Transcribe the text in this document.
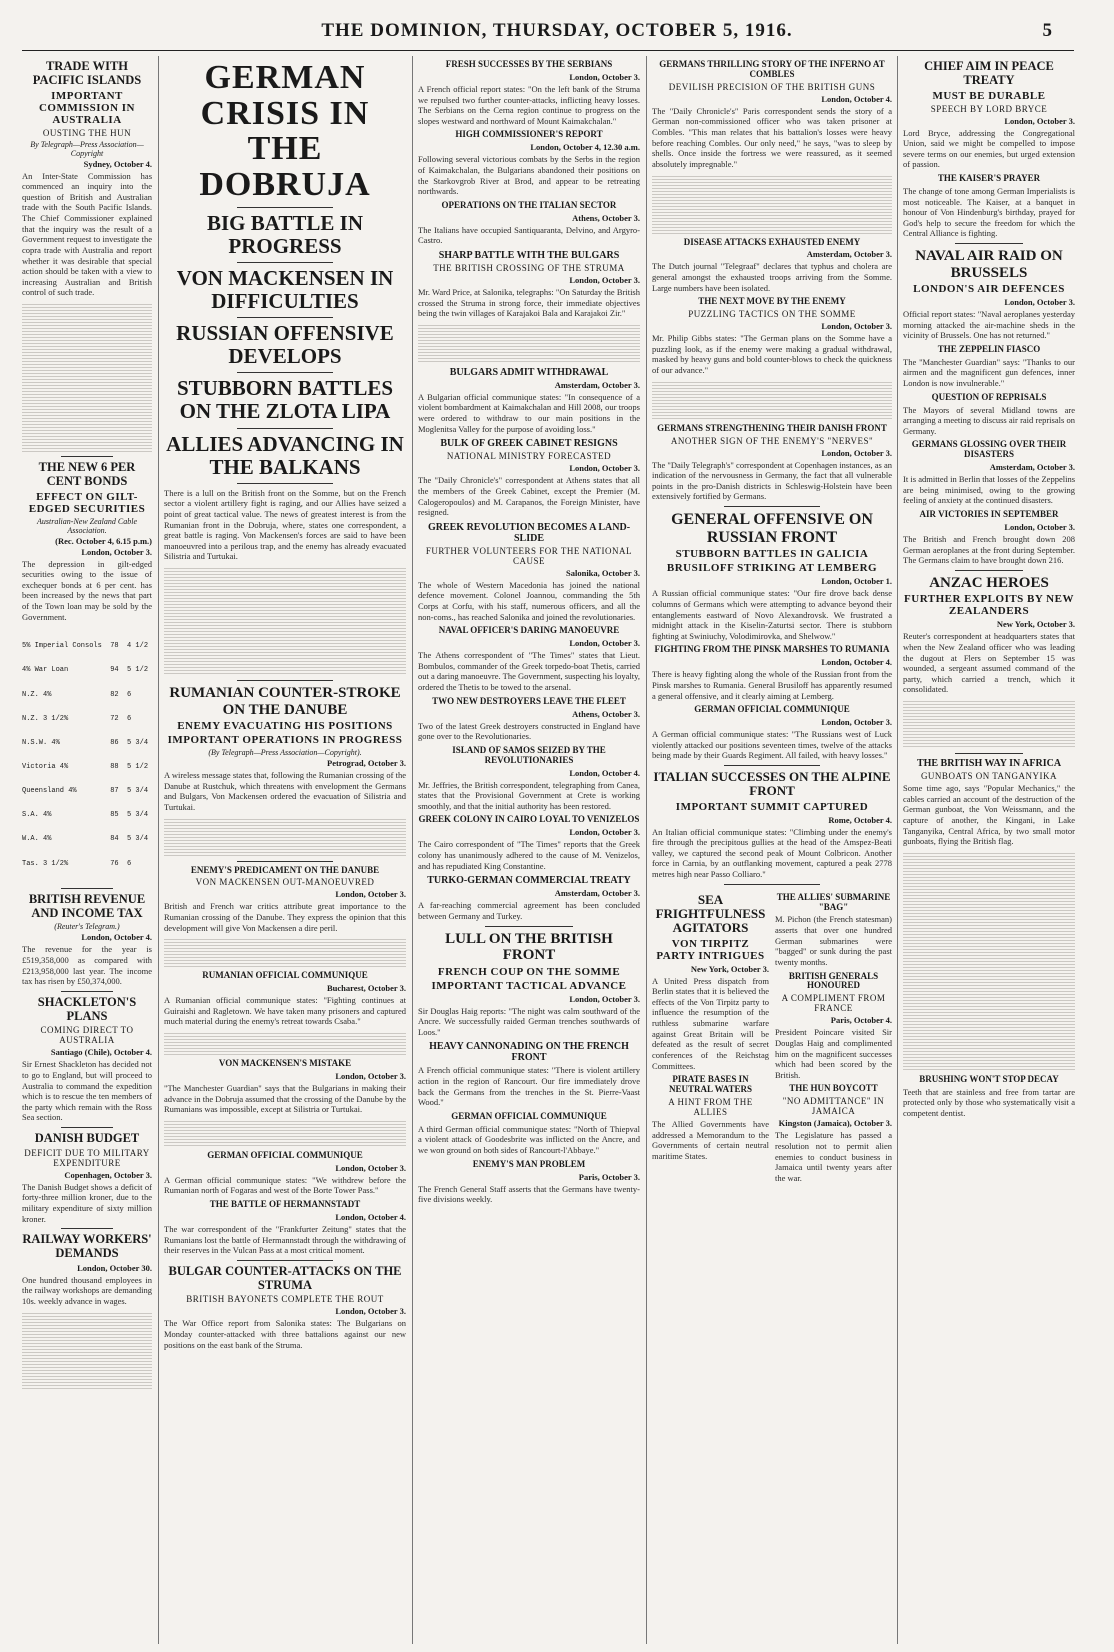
THE DOMINION, THURSDAY, OCTOBER 5, 1916.	5
TRADE WITH PACIFIC ISLANDS
IMPORTANT COMMISSION IN AUSTRALIA
OUSTING THE HUN
By Telegraph—Press Association—Copyright
Sydney, October 4.
An Inter-State Commission has commenced an inquiry into the question of British and Australian trade with the South Pacific Islands. The Chief Commissioner explained that the inquiry was the result of a Government request to investigate the copra trade with Australia and report whether it was desirable that special action should be taken with a view to increasing Australian and British control of such trade.
THE NEW 6 PER CENT BONDS
EFFECT ON GILT-EDGED SECURITIES
Australian-New Zealand Cable Association.
(Rec. October 4, 6.15 p.m.)
London, October 3.
The depression in gilt-edged securities owing to the issue of exchequer bonds at 6 per cent. has been increased by the news that part of the Town loan may be sold by the Government.

5% Imperial Consols  78  4 1/2

4% War Loan          94  5 1/2

N.Z. 4%              82  6

N.Z. 3 1/2%          72  6

N.S.W. 4%            86  5 3/4

Victoria 4%          88  5 1/2

Queensland 4%        87  5 3/4

S.A. 4%              85  5 3/4

W.A. 4%              84  5 3/4

Tas. 3 1/2%          76  6

BRITISH REVENUE AND INCOME TAX
(Reuter's Telegram.)
London, October 4.
The revenue for the year is £519,358,000 as compared with £213,958,000 last year. The income tax has risen by £50,374,000.
SHACKLETON'S PLANS
COMING DIRECT TO AUSTRALIA
Santiago (Chile), October 4.
Sir Ernest Shackleton has decided not to go to England, but will proceed to Australia to command the expedition which is to rescue the ten members of the party which remain with the Ross Sea section.
DANISH BUDGET
DEFICIT DUE TO MILITARY EXPENDITURE
Copenhagen, October 3.
The Danish Budget shows a deficit of forty-three million kroner, due to the military expenditure of sixty million kroner.
RAILWAY WORKERS' DEMANDS
London, October 30.
One hundred thousand employees in the railway workshops are demanding 10s. weekly advance in wages.
GERMAN CRISIS IN THE DOBRUJA
BIG BATTLE IN PROGRESS
VON MACKENSEN IN DIFFICULTIES
RUSSIAN OFFENSIVE DEVELOPS
STUBBORN BATTLES ON THE ZLOTA LIPA
ALLIES ADVANCING IN THE BALKANS
There is a lull on the British front on the Somme, but on the French sector a violent artillery fight is raging, and our Allies have seized a point of great tactical value. The news of greatest interest is from the Rumanian front in the Dobruja, where, states one correspondent, a great battle is raging. Von Mackensen's forces are said to have been manoeuvred into a perilous trap, and the enemy has already evacuated Silistria and Turtukai.
RUMANIAN COUNTER-STROKE ON THE DANUBE
ENEMY EVACUATING HIS POSITIONS
IMPORTANT OPERATIONS IN PROGRESS
(By Telegraph—Press Association—Copyright).
Petrograd, October 3.
A wireless message states that, following the Rumanian crossing of the Danube at Rustchuk, which threatens with envelopment the Germans and Bulgars, Von Mackensen ordered the evacuation of Silistria and Turtukai.
ENEMY'S PREDICAMENT ON THE DANUBE
VON MACKENSEN OUT-MANOEUVRED
London, October 3.
British and French war critics attribute great importance to the Rumanian crossing of the Danube. They express the opinion that this development will give Von Mackensen a dire peril.
RUMANIAN OFFICIAL COMMUNIQUE
Bucharest, October 3.
A Rumanian official communique states: "Fighting continues at Guiraishi and Ragletown. We have taken many prisoners and captured much material during the enemy's retreat towards Csaba."
VON MACKENSEN'S MISTAKE
London, October 3.
"The Manchester Guardian" says that the Bulgarians in making their advance in the Dobruja assumed that the crossing of the Danube by the Rumanians was impossible, except at Silistria or Turtukai.
GERMAN OFFICIAL COMMUNIQUE
London, October 3.
A German official communique states: "We withdrew before the Rumanian north of Fogaras and west of the Borte Tower Pass."
THE BATTLE OF HERMANNSTADT
London, October 4.
The war correspondent of the "Frankfurter Zeitung" states that the Rumanians lost the battle of Hermannstadt through the withdrawing of their reserves in the Vulcan Pass at a most critical moment.
BULGAR COUNTER-ATTACKS ON THE STRUMA
BRITISH BAYONETS COMPLETE THE ROUT
London, October 3.
The War Office report from Salonika states: The Bulgarians on Monday counter-attacked with three battalions against our new positions on the east bank of the Struma.
FRESH SUCCESSES BY THE SERBIANS
London, October 3.
A French official report states: "On the left bank of the Struma we repulsed two further counter-attacks, inflicting heavy losses. The Serbians on the Cerna region continue to progress on the slopes westward and northward of Mount Kaimakchalan."
HIGH COMMISSIONER'S REPORT
London, October 4, 12.30 a.m.
Following several victorious combats by the Serbs in the region of Kaimakchalan, the Bulgarians abandoned their positions on the Starkovgrob River at Brod, and appear to be retreating northwards.
OPERATIONS ON THE ITALIAN SECTOR
Athens, October 3.
The Italians have occupied Santiquaranta, Delvino, and Argyro-Castro.
SHARP BATTLE WITH THE BULGARS
THE BRITISH CROSSING OF THE STRUMA
London, October 3.
Mr. Ward Price, at Salonika, telegraphs: "On Saturday the British crossed the Struma in strong force, their immediate objectives being the twin villages of Karajakoi Bala and Karajakoi Zir."
BULGARS ADMIT WITHDRAWAL
Amsterdam, October 3.
A Bulgarian official communique states: "In consequence of a violent bombardment at Kaimakchalan and Hill 2008, our troops were ordered to withdraw to our main positions in the Moglenitsa Valley for the purpose of avoiding loss."
BULK OF GREEK CABINET RESIGNS
NATIONAL MINISTRY FORECASTED
London, October 3.
The "Daily Chronicle's" correspondent at Athens states that all the members of the Greek Cabinet, except the Premier (M. Calogeropoulos) and M. Carapanos, the Foreign Minister, have resigned.
GREEK REVOLUTION BECOMES A LAND-SLIDE
FURTHER VOLUNTEERS FOR THE NATIONAL CAUSE
Salonika, October 3.
The whole of Western Macedonia has joined the national defence movement. Colonel Joannou, commanding the 5th Corps at Corfu, with his staff, numerous officers, and all the non-coms., has reached Salonika and joined the revolutionaries.
NAVAL OFFICER'S DARING MANOEUVRE
London, October 3.
The Athens correspondent of "The Times" states that Lieut. Bombulos, commander of the Greek torpedo-boat Thetis, carried out a daring manoeuvre. The Government, suspecting his loyalty, ordered the Thetis to be towed to the arsenal.
TWO NEW DESTROYERS LEAVE THE FLEET
Athens, October 3.
Two of the latest Greek destroyers constructed in England have gone over to the Revolutionaries.
ISLAND OF SAMOS SEIZED BY THE REVOLUTIONARIES
London, October 4.
Mr. Jeffries, the British correspondent, telegraphing from Canea, states that the Provisional Government at Crete is working smoothly, and that the initial authority has been restored.
GREEK COLONY IN CAIRO LOYAL TO VENIZELOS
London, October 3.
The Cairo correspondent of "The Times" reports that the Greek colony has unanimously adhered to the cause of M. Venizelos, and has repudiated King Constantine.
TURKO-GERMAN COMMERCIAL TREATY
Amsterdam, October 3.
A far-reaching commercial agreement has been concluded between Germany and Turkey.
LULL ON THE BRITISH FRONT
FRENCH COUP ON THE SOMME
IMPORTANT TACTICAL ADVANCE
London, October 3.
Sir Douglas Haig reports: "The night was calm southward of the Ancre. We successfully raided German trenches southwards of Loos."
HEAVY CANNONADING ON THE FRENCH FRONT
A French official communique states: "There is violent artillery action in the region of Rancourt. Our fire immediately drove back the Germans from the trenches in the St. Pierre-Vaast Wood."
GERMAN OFFICIAL COMMUNIQUE
A third German official communique states: "North of Thiepval a violent attack of Goodesbrite was inflicted on the Ancre, and we won ground on both sides of Rancourt-l'Abbaye."
ENEMY'S MAN PROBLEM
Paris, October 3.
The French General Staff asserts that the Germans have twenty-five divisions weekly.
GERMANS THRILLING STORY OF THE INFERNO AT COMBLES
DEVILISH PRECISION OF THE BRITISH GUNS
London, October 4.
The "Daily Chronicle's" Paris correspondent sends the story of a German non-commissioned officer who was taken prisoner at Combles. "This man relates that his battalion's losses were heavy before reaching Combles. Our only need," he says, "was to sleep by shells. Once inside the fortress we were reassured, as it seemed absolutely impregnable."
DISEASE ATTACKS EXHAUSTED ENEMY
Amsterdam, October 3.
The Dutch journal "Telegraaf" declares that typhus and cholera are general amongst the exhausted troops arriving from the Somme. Large numbers have been isolated.
THE NEXT MOVE BY THE ENEMY
PUZZLING TACTICS ON THE SOMME
London, October 3.
Mr. Philip Gibbs states: "The German plans on the Somme have a puzzling look, as if the enemy were making a gradual withdrawal, masked by heavy guns and bold counter-blows to check the quickness of our advance."
GERMANS STRENGTHENING THEIR DANISH FRONT
ANOTHER SIGN OF THE ENEMY'S "NERVES"
London, October 3.
The "Daily Telegraph's" correspondent at Copenhagen instances, as an indication of the nervousness in Germany, the fact that all vulnerable points in the pro-Danish districts in Schleswig-Holstein have been extensively fortified by Germans.
GENERAL OFFENSIVE ON RUSSIAN FRONT
STUBBORN BATTLES IN GALICIA
BRUSILOFF STRIKING AT LEMBERG
London, October 1.
A Russian official communique states: "Our fire drove back dense columns of Germans which were attempting to advance beyond their entanglements eastward of Novo Alexandrovsk. We frustrated a midnight attack in the Kiselin-Zaturtsi sector. There is stubborn fighting at Swiniuchy, Volodimirovka, and Shelwow."
FIGHTING FROM THE PINSK MARSHES TO RUMANIA
London, October 4.
There is heavy fighting along the whole of the Russian front from the Pinsk marshes to Rumania. General Brusiloff has apparently resumed a general offensive, and it clearly aiming at Lemberg.
GERMAN OFFICIAL COMMUNIQUE
London, October 3.
A German official communique states: "The Russians west of Luck violently attacked our positions seventeen times, twelve of the attacks being made by their Guards Regiment. All failed, with heavy losses."
ITALIAN SUCCESSES ON THE ALPINE FRONT
IMPORTANT SUMMIT CAPTURED
Rome, October 4.
An Italian official communique states: "Climbing under the enemy's fire through the precipitous gullies at the head of the Amspez-Beati valley, we captured the second peak of Mount Colbricon. Another force in Carnia, by an outflanking movement, captured a peak 2778 metres high near Passo Colliaro."
SEA FRIGHTFULNESS AGITATORS
VON TIRPITZ PARTY INTRIGUES
New York, October 3.
A United Press dispatch from Berlin states that it is believed the effects of the Von Tirpitz party to influence the resumption of the ruthless submarine warfare against Great Britain will be defeated as the result of secret conferences of the Reichstag Committees.
PIRATE BASES IN NEUTRAL WATERS
A HINT FROM THE ALLIES
The Allied Governments have addressed a Memorandum to the Governments of certain neutral maritime States.
THE ALLIES' SUBMARINE "BAG"
M. Pichon (the French statesman) asserts that over one hundred German submarines were "bagged" or sunk during the past twenty months.
BRITISH GENERALS HONOURED
A COMPLIMENT FROM FRANCE
Paris, October 4.
President Poincare visited Sir Douglas Haig and complimented him on the magnificent successes which had been scored by the British.
THE HUN BOYCOTT
"NO ADMITTANCE" IN JAMAICA
Kingston (Jamaica), October 3.
The Legislature has passed a resolution not to permit alien enemies to conduct business in Jamaica until twenty years after the war.
CHIEF AIM IN PEACE TREATY
MUST BE DURABLE
SPEECH BY LORD BRYCE
London, October 3.
Lord Bryce, addressing the Congregational Union, said we might be compelled to impose severe terms on our enemies, but urged extension of passion.
THE KAISER'S PRAYER
The change of tone among German Imperialists is most noticeable. The Kaiser, at a banquet in honour of Von Hindenburg's birthday, prayed for God's help to secure the freedom for which the Central Alliance is fighting.
NAVAL AIR RAID ON BRUSSELS
LONDON'S AIR DEFENCES
London, October 3.
Official report states: "Naval aeroplanes yesterday morning attacked the air-machine sheds in the vicinity of Brussels. One has not returned."
THE ZEPPELIN FIASCO
The "Manchester Guardian" says: "Thanks to our airmen and the magnificent gun defences, inner London is now invulnerable."
QUESTION OF REPRISALS
The Mayors of several Midland towns are arranging a meeting to discuss air raid reprisals on Germany.
GERMANS GLOSSING OVER THEIR DISASTERS
Amsterdam, October 3.
It is admitted in Berlin that losses of the Zeppelins are being minimised, owing to the growing feeling of anxiety at the continued disasters.
AIR VICTORIES IN SEPTEMBER
London, October 3.
The British and French brought down 208 German aeroplanes at the front during September. The Germans claim to have brought down 216.
ANZAC HEROES
FURTHER EXPLOITS BY NEW ZEALANDERS
New York, October 3.
Reuter's correspondent at headquarters states that when the New Zealand officer who was leading the dugout at Flers on September 15 was wounded, a sergeant assumed command of the party, which carried a trench, which it consolidated.
THE BRITISH WAY IN AFRICA
GUNBOATS ON TANGANYIKA
Some time ago, says "Popular Mechanics," the cables carried an account of the destruction of the German gunboat, the Von Weissmann, and the capture of another, the Kingani, in Lake Tanganyika, Central Africa, by two small motor gunboats, flying the British flag.
BRUSHING WON'T STOP DECAY
Teeth that are stainless and free from tartar are protected only by those who systematically visit a competent dentist.
